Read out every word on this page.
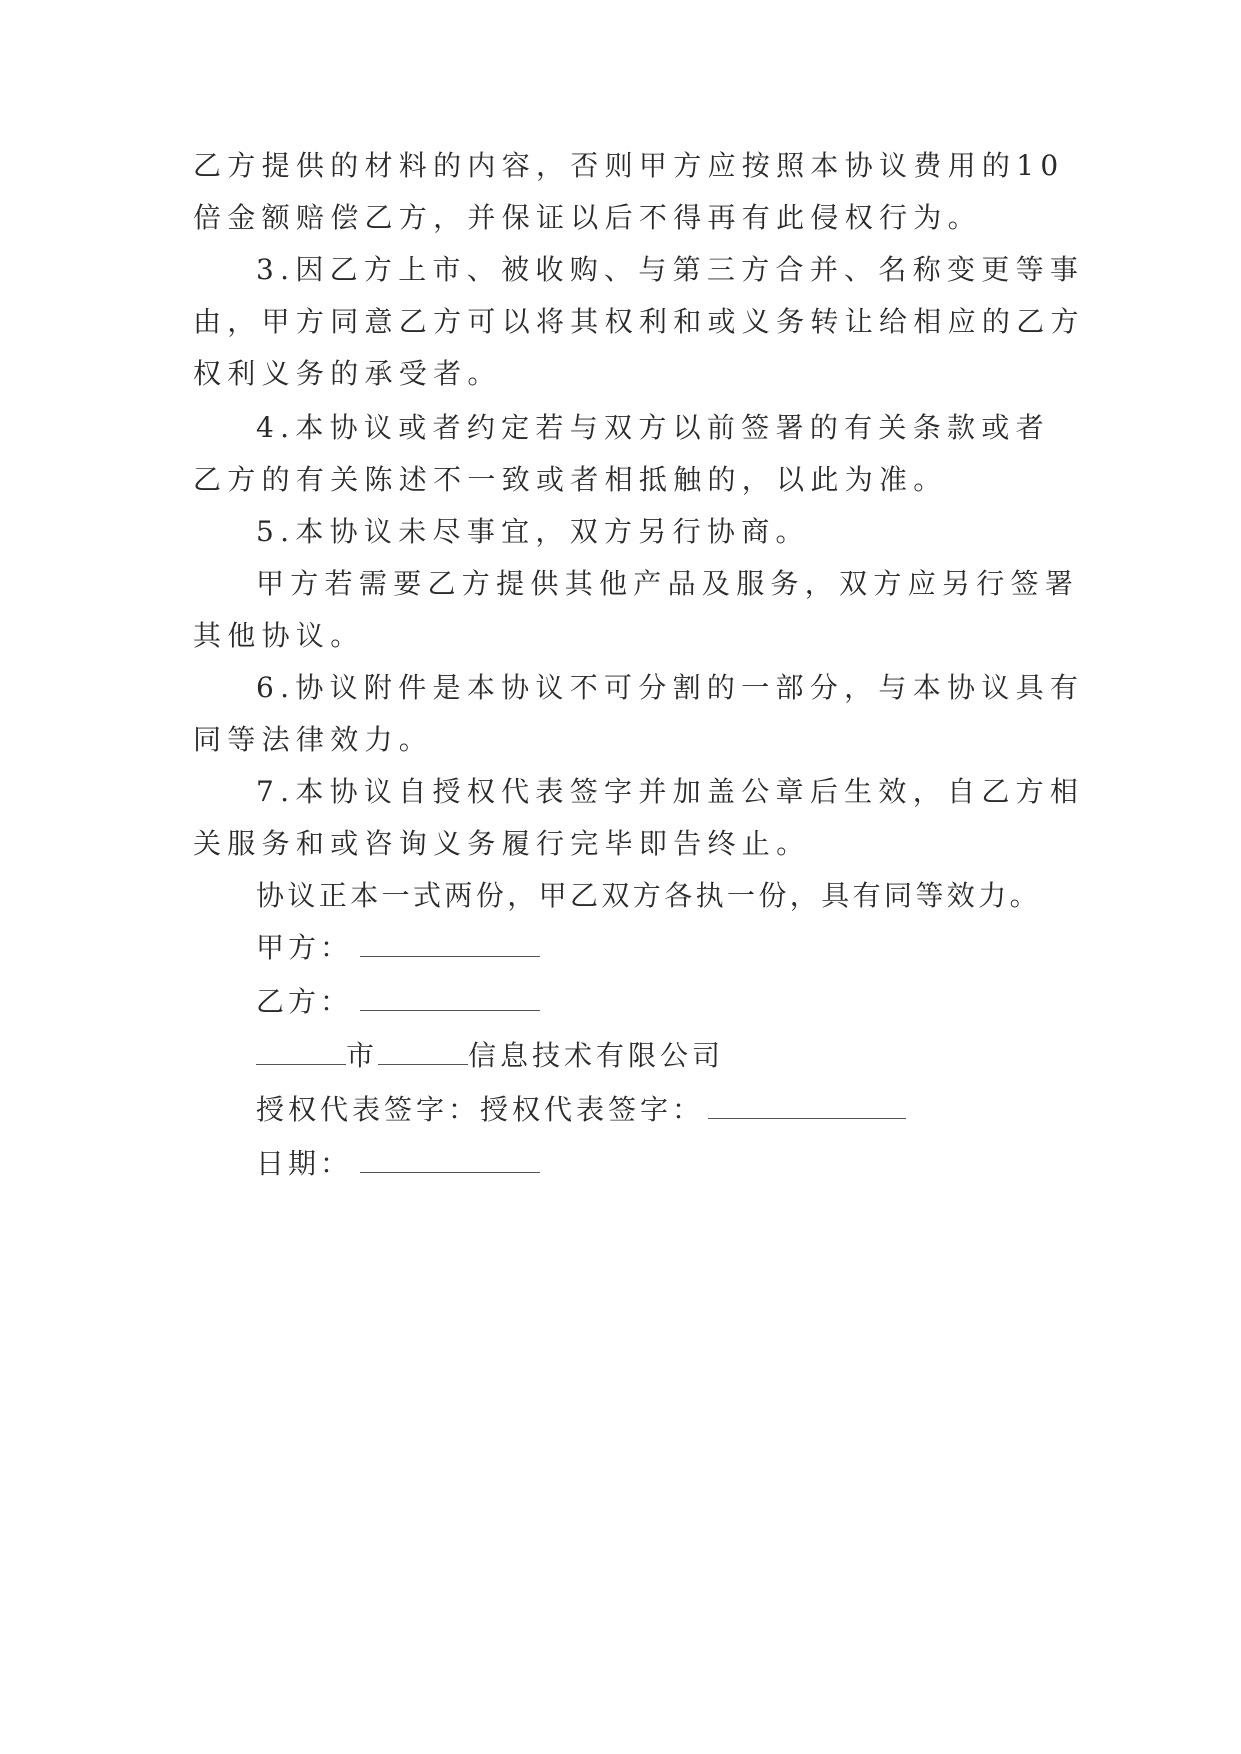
乙方提供的材料的内容，否则甲方应按照本协议费用的10

倍金额赔偿乙方，并保证以后不得再有此侵权行为。

3.因乙方上市、被收购、与第三方合并、名称变更等事

由，甲方同意乙方可以将其权利和或义务转让给相应的乙方

权利义务的承受者。

4.本协议或者约定若与双方以前签署的有关条款或者

乙方的有关陈述不一致或者相抵触的，以此为准。

5.本协议未尽事宜，双方另行协商。

甲方若需要乙方提供其他产品及服务，双方应另行签署

其他协议。

6.协议附件是本协议不可分割的一部分，与本协议具有

同等法律效力。

7.本协议自授权代表签字并加盖公章后生效，自乙方相

关服务和或咨询义务履行完毕即告终止。

协议正本一式两份，甲乙双方各执一份，具有同等效力。

甲方：
乙方：
市	信息技术有限公司
授权代表签字：授权代表签字：
日期：
